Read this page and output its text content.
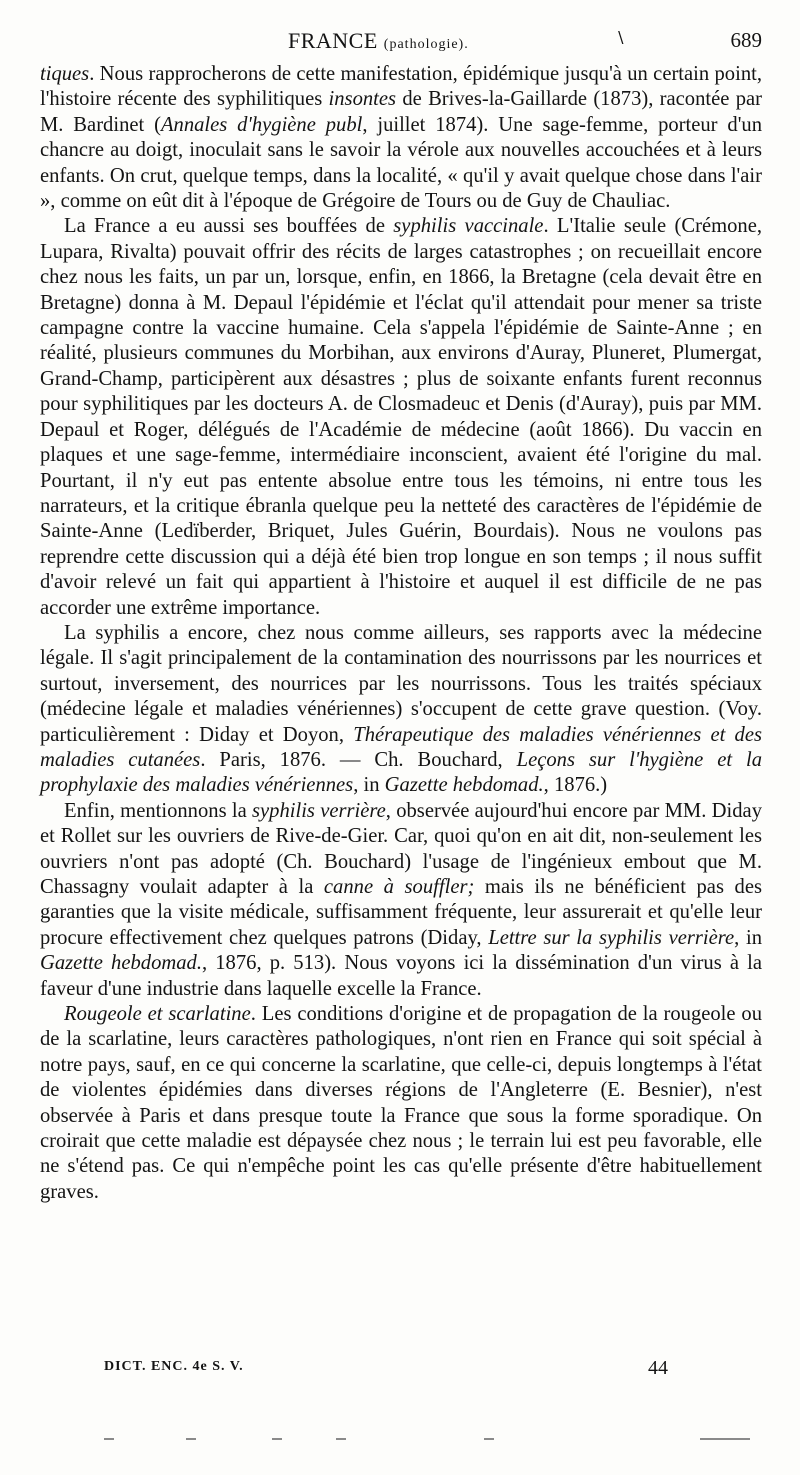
FRANCE (pathologie).	∖	689

tiques. Nous rapprocherons de cette manifestation, épidémique jusqu'à un certain point, l'histoire récente des syphilitiques insontes de Brives-la-Gaillarde (1873), racontée par M. Bardinet (Annales d'hygiène publ, juillet 1874). Une sage-femme, porteur d'un chancre au doigt, inoculait sans le savoir la vérole aux nouvelles accouchées et à leurs enfants. On crut, quelque temps, dans la localité, « qu'il y avait quelque chose dans l'air », comme on eût dit à l'époque de Grégoire de Tours ou de Guy de Chauliac.

La France a eu aussi ses bouffées de syphilis vaccinale. L'Italie seule (Crémone, Lupara, Rivalta) pouvait offrir des récits de larges catastrophes ; on recueillait encore chez nous les faits, un par un, lorsque, enfin, en 1866, la Bretagne (cela devait être en Bretagne) donna à M. Depaul l'épidémie et l'éclat qu'il attendait pour mener sa triste campagne contre la vaccine humaine. Cela s'appela l'épidémie de Sainte-Anne ; en réalité, plusieurs communes du Morbihan, aux environs d'Auray, Pluneret, Plumergat, Grand-Champ, participèrent aux désastres ; plus de soixante enfants furent reconnus pour syphilitiques par les docteurs A. de Closmadeuc et Denis (d'Auray), puis par MM. Depaul et Roger, délégués de l'Académie de médecine (août 1866). Du vaccin en plaques et une sage-femme, intermédiaire inconscient, avaient été l'origine du mal. Pourtant, il n'y eut pas entente absolue entre tous les témoins, ni entre tous les narrateurs, et la critique ébranla quelque peu la netteté des caractères de l'épidémie de Sainte-Anne (Ledïberder, Briquet, Jules Guérin, Bourdais). Nous ne voulons pas reprendre cette discussion qui a déjà été bien trop longue en son temps ; il nous suffit d'avoir relevé un fait qui appartient à l'histoire et auquel il est difficile de ne pas accorder une extrême importance.

La syphilis a encore, chez nous comme ailleurs, ses rapports avec la médecine légale. Il s'agit principalement de la contamination des nourrissons par les nourrices et surtout, inversement, des nourrices par les nourrissons. Tous les traités spéciaux (médecine légale et maladies vénériennes) s'occupent de cette grave question. (Voy. particulièrement : Diday et Doyon, Thérapeutique des maladies vénériennes et des maladies cutanées. Paris, 1876. — Ch. Bouchard, Leçons sur l'hygiène et la prophylaxie des maladies vénériennes, in Gazette hebdomad., 1876.)

Enfin, mentionnons la syphilis verrière, observée aujourd'hui encore par MM. Diday et Rollet sur les ouvriers de Rive-de-Gier. Car, quoi qu'on en ait dit, non-seulement les ouvriers n'ont pas adopté (Ch. Bouchard) l'usage de l'ingénieux embout que M. Chassagny voulait adapter à la canne à souffler; mais ils ne bénéficient pas des garanties que la visite médicale, suffisamment fréquente, leur assurerait et qu'elle leur procure effectivement chez quelques patrons (Diday, Lettre sur la syphilis verrière, in Gazette hebdomad., 1876, p. 513). Nous voyons ici la dissémination d'un virus à la faveur d'une industrie dans laquelle excelle la France.

Rougeole et scarlatine. Les conditions d'origine et de propagation de la rougeole ou de la scarlatine, leurs caractères pathologiques, n'ont rien en France qui soit spécial à notre pays, sauf, en ce qui concerne la scarlatine, que celle-ci, depuis longtemps à l'état de violentes épidémies dans diverses régions de l'Angleterre (E. Besnier), n'est observée à Paris et dans presque toute la France que sous la forme sporadique. On croirait que cette maladie est dépaysée chez nous ; le terrain lui est peu favorable, elle ne s'étend pas. Ce qui n'empêche point les cas qu'elle présente d'être habituellement graves.

DICT. ENC. 4e S. V.	44
